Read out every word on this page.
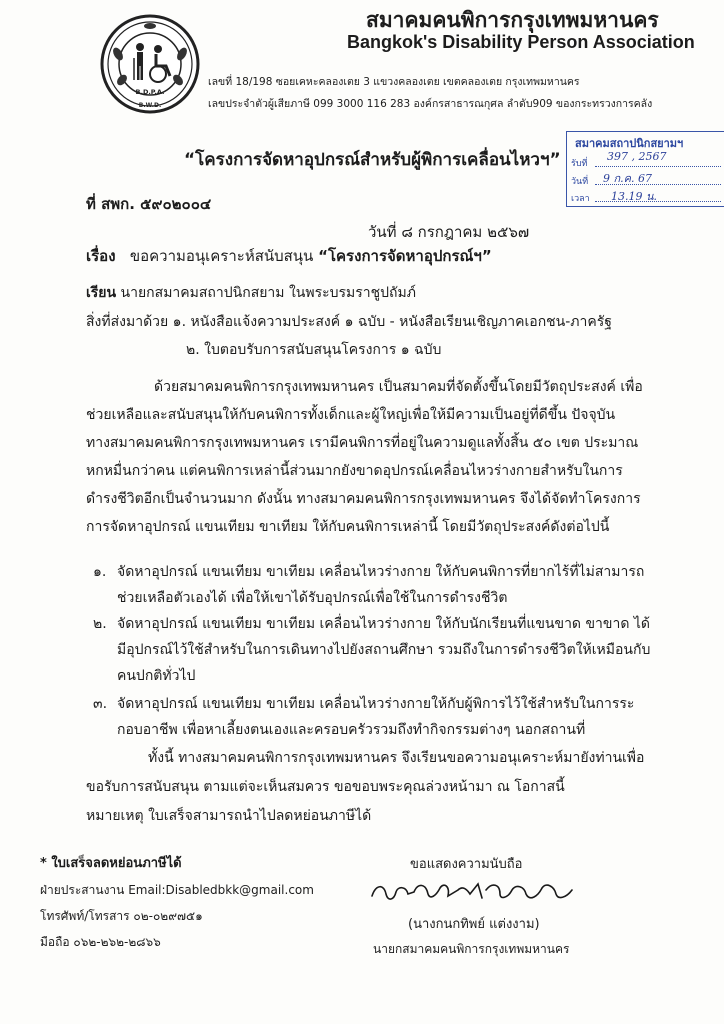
B.D.P.A.
B.W.D.
สมาคมคนพิการกรุงเทพมหานคร
Bangkok's Disability Person Association
เลขที่ 18/198 ซอยเคหะคลองเตย 3 แขวงคลองเตย เขตคลองเตย กรุงเทพมหานคร
เลขประจำตัวผู้เสียภาษี 099 3000 116 283 องค์กรสาธารณกุศล ลำดับ909 ของกระทรวงการคลัง
สมาคมสถาปนิกสยามฯ
รับที่
397 , 2567
วันที่ 9 ก.ค. 67
เวลา 13.19 น.
“โครงการจัดหาอุปกรณ์สำหรับผู้พิการเคลื่อนไหวฯ”
ที่ สพก. ๕๙๐๒๐๐๔
วันที่ ๘ กรกฎาคม ๒๕๖๗
เรื่อง ขอความอนุเคราะห์สนับสนุน “โครงการจัดหาอุปกรณ์ฯ”
เรียน นายกสมาคมสถาปนิกสยาม ในพระบรมราชูปถัมภ์
สิ่งที่ส่งมาด้วย ๑. หนังสือแจ้งความประสงค์ ๑ ฉบับ - หนังสือเรียนเชิญภาคเอกชน-ภาครัฐ
๒. ใบตอบรับการสนับสนุนโครงการ ๑ ฉบับ
ด้วยสมาคมคนพิการกรุงเทพมหานคร เป็นสมาคมที่จัดตั้งขึ้นโดยมีวัตถุประสงค์ เพื่อ
ช่วยเหลือและสนับสนุนให้กับคนพิการทั้งเด็กและผู้ใหญ่เพื่อให้มีความเป็นอยู่ที่ดีขึ้น ปัจจุบัน
ทางสมาคมคนพิการกรุงเทพมหานคร เรามีคนพิการที่อยู่ในความดูแลทั้งสิ้น ๕๐ เขต ประมาณ
หกหมื่นกว่าคน แต่คนพิการเหล่านี้ส่วนมากยังขาดอุปกรณ์เคลื่อนไหวร่างกายสำหรับในการ
ดำรงชีวิตอีกเป็นจำนวนมาก ดังนั้น ทางสมาคมคนพิการกรุงเทพมหานคร จึงได้จัดทำโครงการ
การจัดหาอุปกรณ์ แขนเทียม ขาเทียม ให้กับคนพิการเหล่านี้ โดยมีวัตถุประสงค์ดังต่อไปนี้
๑. จัดหาอุปกรณ์ แขนเทียม ขาเทียม เคลื่อนไหวร่างกาย ให้กับคนพิการที่ยากไร้ที่ไม่สามารถ
ช่วยเหลือตัวเองได้ เพื่อให้เขาได้รับอุปกรณ์เพื่อใช้ในการดำรงชีวิต
๒. จัดหาอุปกรณ์ แขนเทียม ขาเทียม เคลื่อนไหวร่างกาย ให้กับนักเรียนที่แขนขาด ขาขาด ได้
มีอุปกรณ์ไว้ใช้สำหรับในการเดินทางไปยังสถานศึกษา รวมถึงในการดำรงชีวิตให้เหมือนกับ
คนปกติทั่วไป
๓. จัดหาอุปกรณ์ แขนเทียม ขาเทียม เคลื่อนไหวร่างกายให้กับผู้พิการไว้ใช้สำหรับในการระ
กอบอาชีพ เพื่อหาเลี้ยงตนเองและครอบครัวรวมถึงทำกิจกรรมต่างๆ นอกสถานที่
ทั้งนี้ ทางสมาคมคนพิการกรุงเทพมหานคร จึงเรียนขอความอนุเคราะห์มายังท่านเพื่อ
ขอรับการสนับสนุน ตามแต่จะเห็นสมควร ขอขอบพระคุณล่วงหน้ามา ณ โอกาสนี้
หมายเหตุ ใบเสร็จสามารถนำไปลดหย่อนภาษีได้
* ใบเสร็จลดหย่อนภาษีได้
ฝ่ายประสานงาน Email:Disabledbkk@gmail.com
โทรศัพท์/โทรสาร ๐๒-๐๒๙๗๕๑
มือถือ ๐๖๒-๒๖๒-๒๘๖๖
ขอแสดงความนับถือ
(นางกนกทิพย์ แต่งงาม)
นายกสมาคมคนพิการกรุงเทพมหานคร
